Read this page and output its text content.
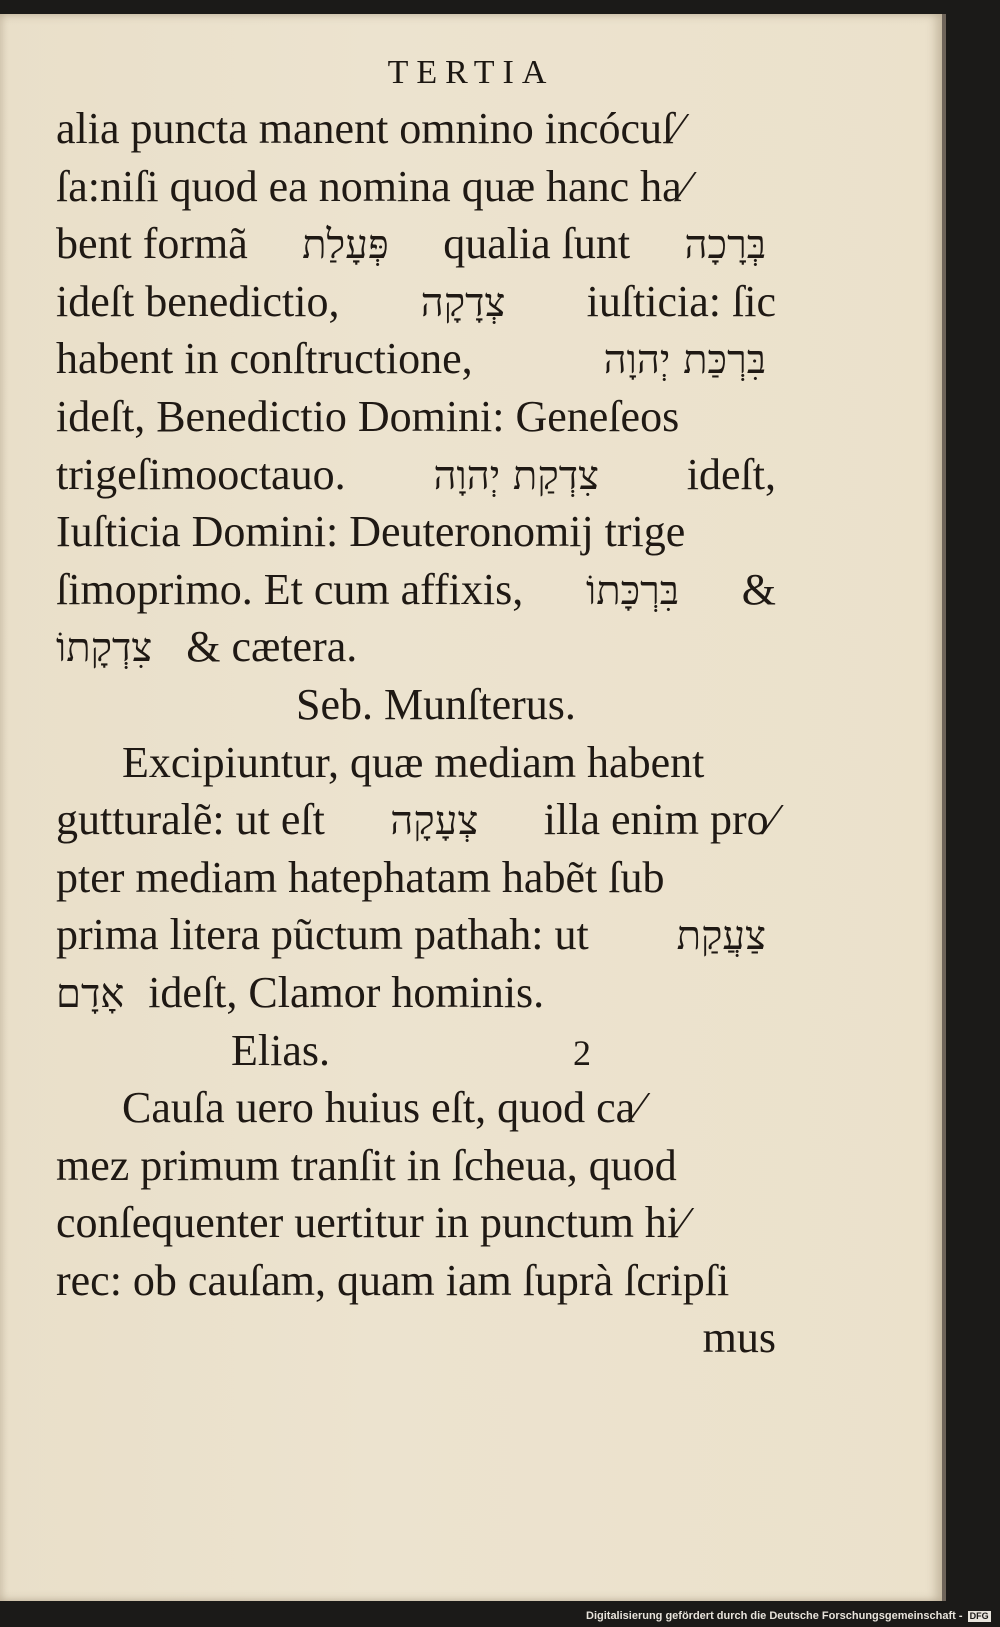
TERTIA
alia puncta manent omnino incócuſ⁄
ſa:niſi quod ea nomina quæ hanc ha⁄
bent formã פְּעָלַת qualia ſunt בְּרָכָה
ideſt benedictio, צְדָקָה iuſticia: ſic
habent in conſtructione,	בִּרְכַּת יְהוָה
ideſt, Benedictio Domini: Geneſeos
trigeſimooctauo. צִדְקַת יְהוָה ideſt,
Iuſticia Domini: Deuteronomij trige
ſimoprimo. Et cum affixis, בִּרְכָּתוֹ &
צִדְקָתוֹ & cætera.
Seb. Munſterus.
Excipiuntur, quæ mediam habent
gutturalẽ: ut eſt צְעָקָה illa enim pro⁄
pter mediam hatephatam habẽt ſub
prima litera pũctum pathah: ut צַעֲקַת
אָדָם ideſt, Clamor hominis.
Elias.	2
Cauſa uero huius eſt, quod ca⁄
mez primum tranſit in ſcheua, quod
conſequenter uertitur in punctum hi⁄
rec: ob cauſam, quam iam ſuprà ſcripſi
mus
Digitalisierung gefördert durch die Deutsche Forschungsgemeinschaft - DFG
